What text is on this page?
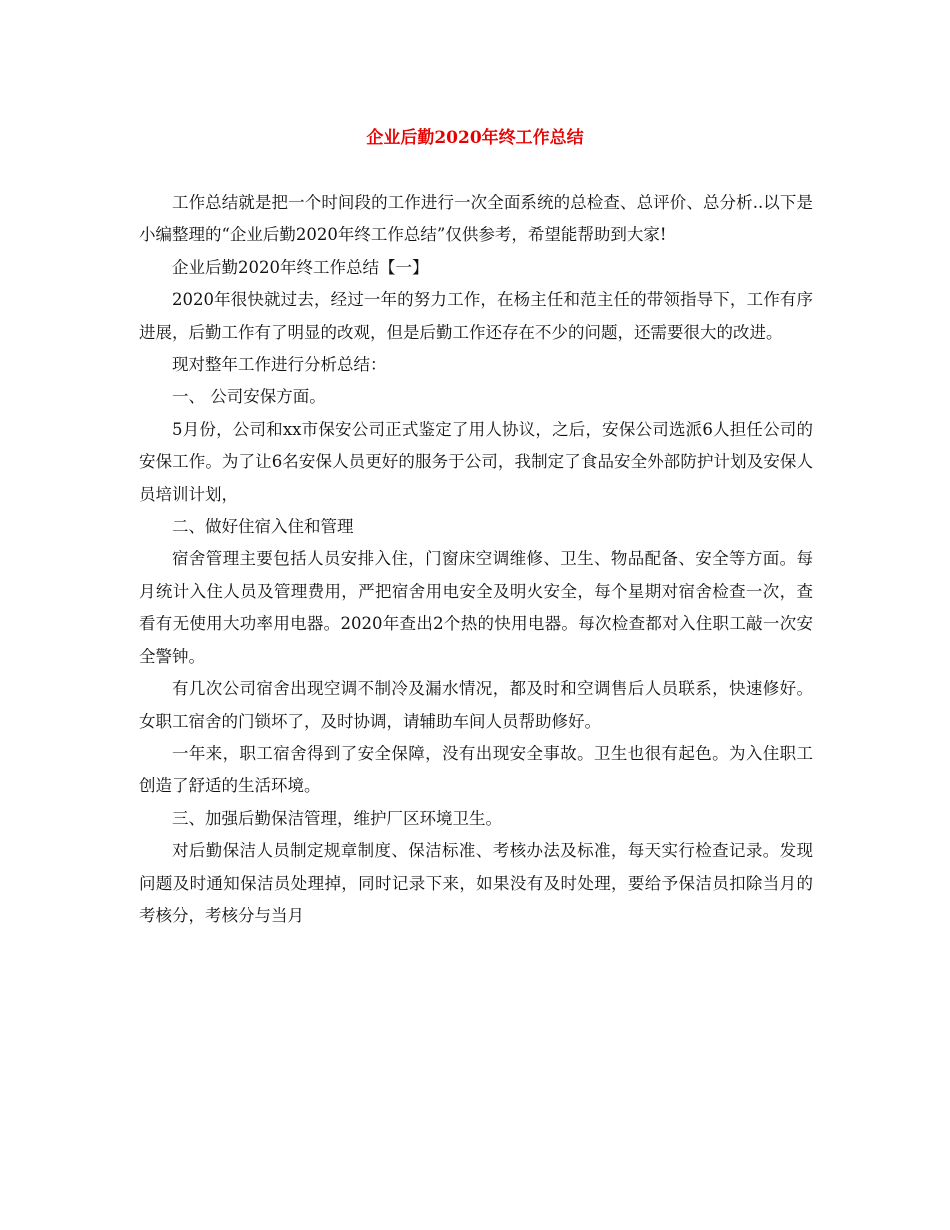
企业后勤2020年终工作总结

工作总结就是把一个时间段的工作进行一次全面系统的总检查、总评价、总分析..以下是小编整理的“企业后勤2020年终工作总结”仅供参考，希望能帮助到大家!

企业后勤2020年终工作总结【一】

2020年很快就过去，经过一年的努力工作，在杨主任和范主任的带领指导下，工作有序进展，后勤工作有了明显的改观，但是后勤工作还存在不少的问题，还需要很大的改进。

现对整年工作进行分析总结：

一、 公司安保方面。

5月份，公司和xx市保安公司正式鉴定了用人协议，之后，安保公司选派6人担任公司的安保工作。为了让6名安保人员更好的服务于公司，我制定了食品安全外部防护计划及安保人员培训计划，

二、做好住宿入住和管理

宿舍管理主要包括人员安排入住，门窗床空调维修、卫生、物品配备、安全等方面。每月统计入住人员及管理费用，严把宿舍用电安全及明火安全，每个星期对宿舍检查一次，查看有无使用大功率用电器。2020年查出2个热的快用电器。每次检查都对入住职工敲一次安全警钟。

有几次公司宿舍出现空调不制冷及漏水情况，都及时和空调售后人员联系，快速修好。女职工宿舍的门锁坏了，及时协调，请辅助车间人员帮助修好。

一年来，职工宿舍得到了安全保障，没有出现安全事故。卫生也很有起色。为入住职工创造了舒适的生活环境。

三、加强后勤保洁管理，维护厂区环境卫生。

对后勤保洁人员制定规章制度、保洁标准、考核办法及标准，每天实行检查记录。发现问题及时通知保洁员处理掉，同时记录下来，如果没有及时处理，要给予保洁员扣除当月的考核分，考核分与当月
